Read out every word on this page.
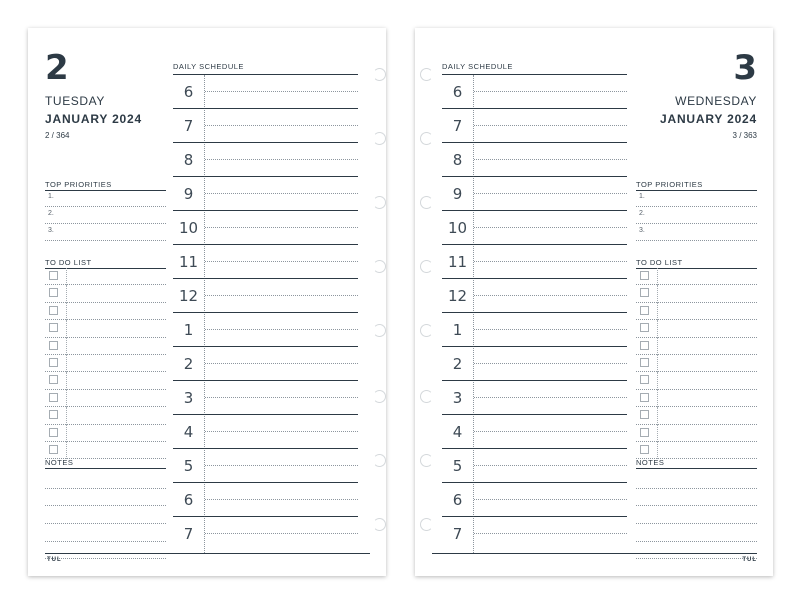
2
TUESDAY
JANUARY 2024
2 / 364
TOP PRIORITIES
1.
2.
3.
TO DO LIST
NOTES
DAILY SCHEDULE
6
7
8
9
10
11
12
1
2
3
4
5
6
7
TUL
3
WEDNESDAY
JANUARY 2024
3 / 363
TOP PRIORITIES
1.
2.
3.
TO DO LIST
NOTES
DAILY SCHEDULE
6
7
8
9
10
11
12
1
2
3
4
5
6
7
TUL
